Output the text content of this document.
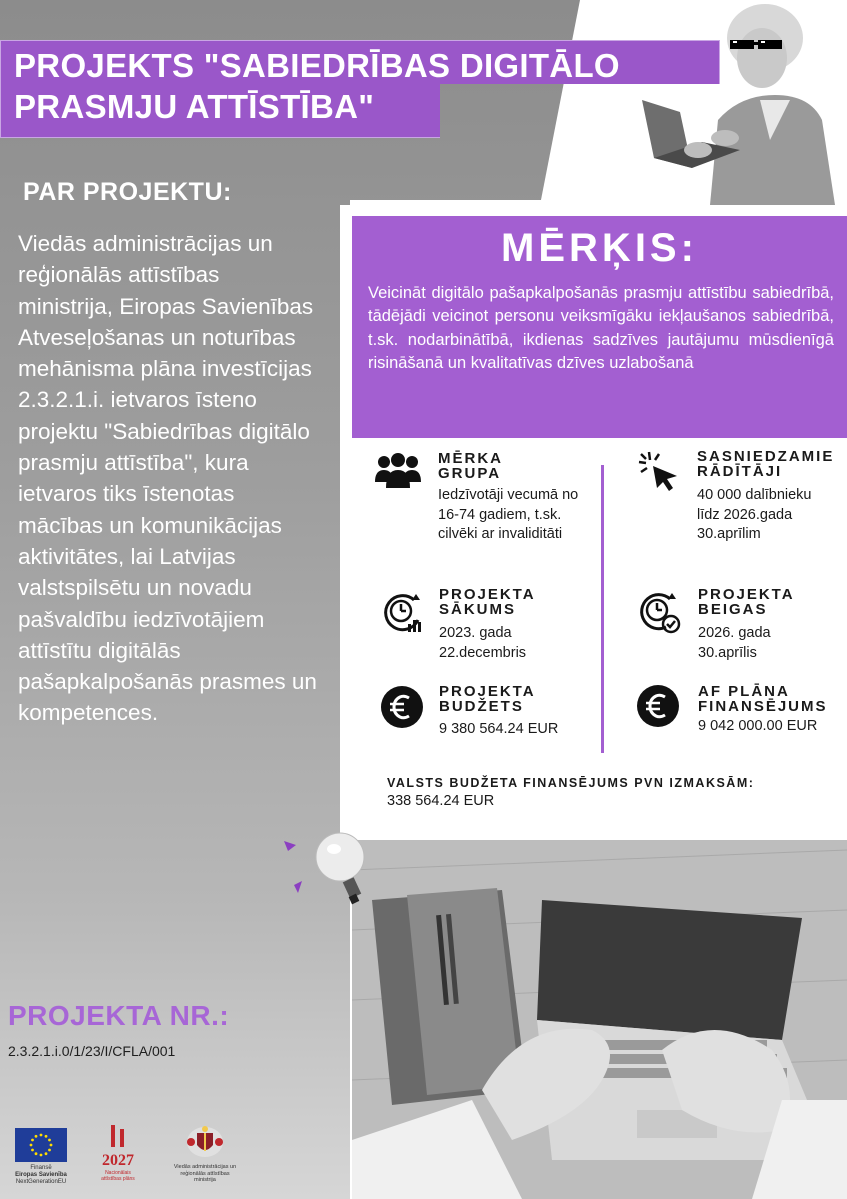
PROJEKTS "SABIEDRĪBAS DIGITĀLO PRASMJU ATTĪSTĪBA"
PAR PROJEKTU:
Viedās administrācijas un reģionālās attīstības ministrija, Eiropas Savienības Atveseļošanas un noturības mehānisma plāna investīcijas 2.3.2.1.i. ietvaros īsteno projektu "Sabiedrības digitālo prasmju attīstība", kura ietvaros tiks īstenotas mācības un komunikācijas aktivitātes, lai Latvijas valstspilsētu un novadu pašvaldību iedzīvotājiem attīstītu digitālās pašapkalpošanās prasmes un kompetences.
PROJEKTA NR.:
2.3.2.1.i.0/1/23/I/CFLA/001
Finansē
Eiropas Savienība
NextGenerationEU
2027
Nacionālais
attīstības plāns
Viedās administrācijas un
reģionālās attīstības
ministrija
MĒRĶIS:
Veicināt digitālo pašapkalpošanās prasmju attīstību sabiedrībā, tādējādi veicinot personu veiksmīgāku iekļaušanos sabiedrībā, t.sk. nodarbinātībā, ikdienas sadzīves jautājumu mūsdienīgā risināšanā un kvalitatīvas dzīves uzlabošanā
MĒRKA
GRUPA
Iedzīvotāji vecumā no 16-74 gadiem, t.sk. cilvēki ar invaliditāti
SASNIEDZAMIE
RĀDĪTĀJI
40 000 dalībnieku līdz 2026.gada 30.aprīlim
PROJEKTA
SĀKUMS
2023. gada
22.decembris
PROJEKTA
BEIGAS
2026. gada
30.aprīlis
PROJEKTA
BUDŽETS
9 380 564.24 EUR
AF PLĀNA
FINANSĒJUMS
9 042 000.00 EUR
VALSTS BUDŽETA FINANSĒJUMS PVN IZMAKSĀM:
338 564.24 EUR
